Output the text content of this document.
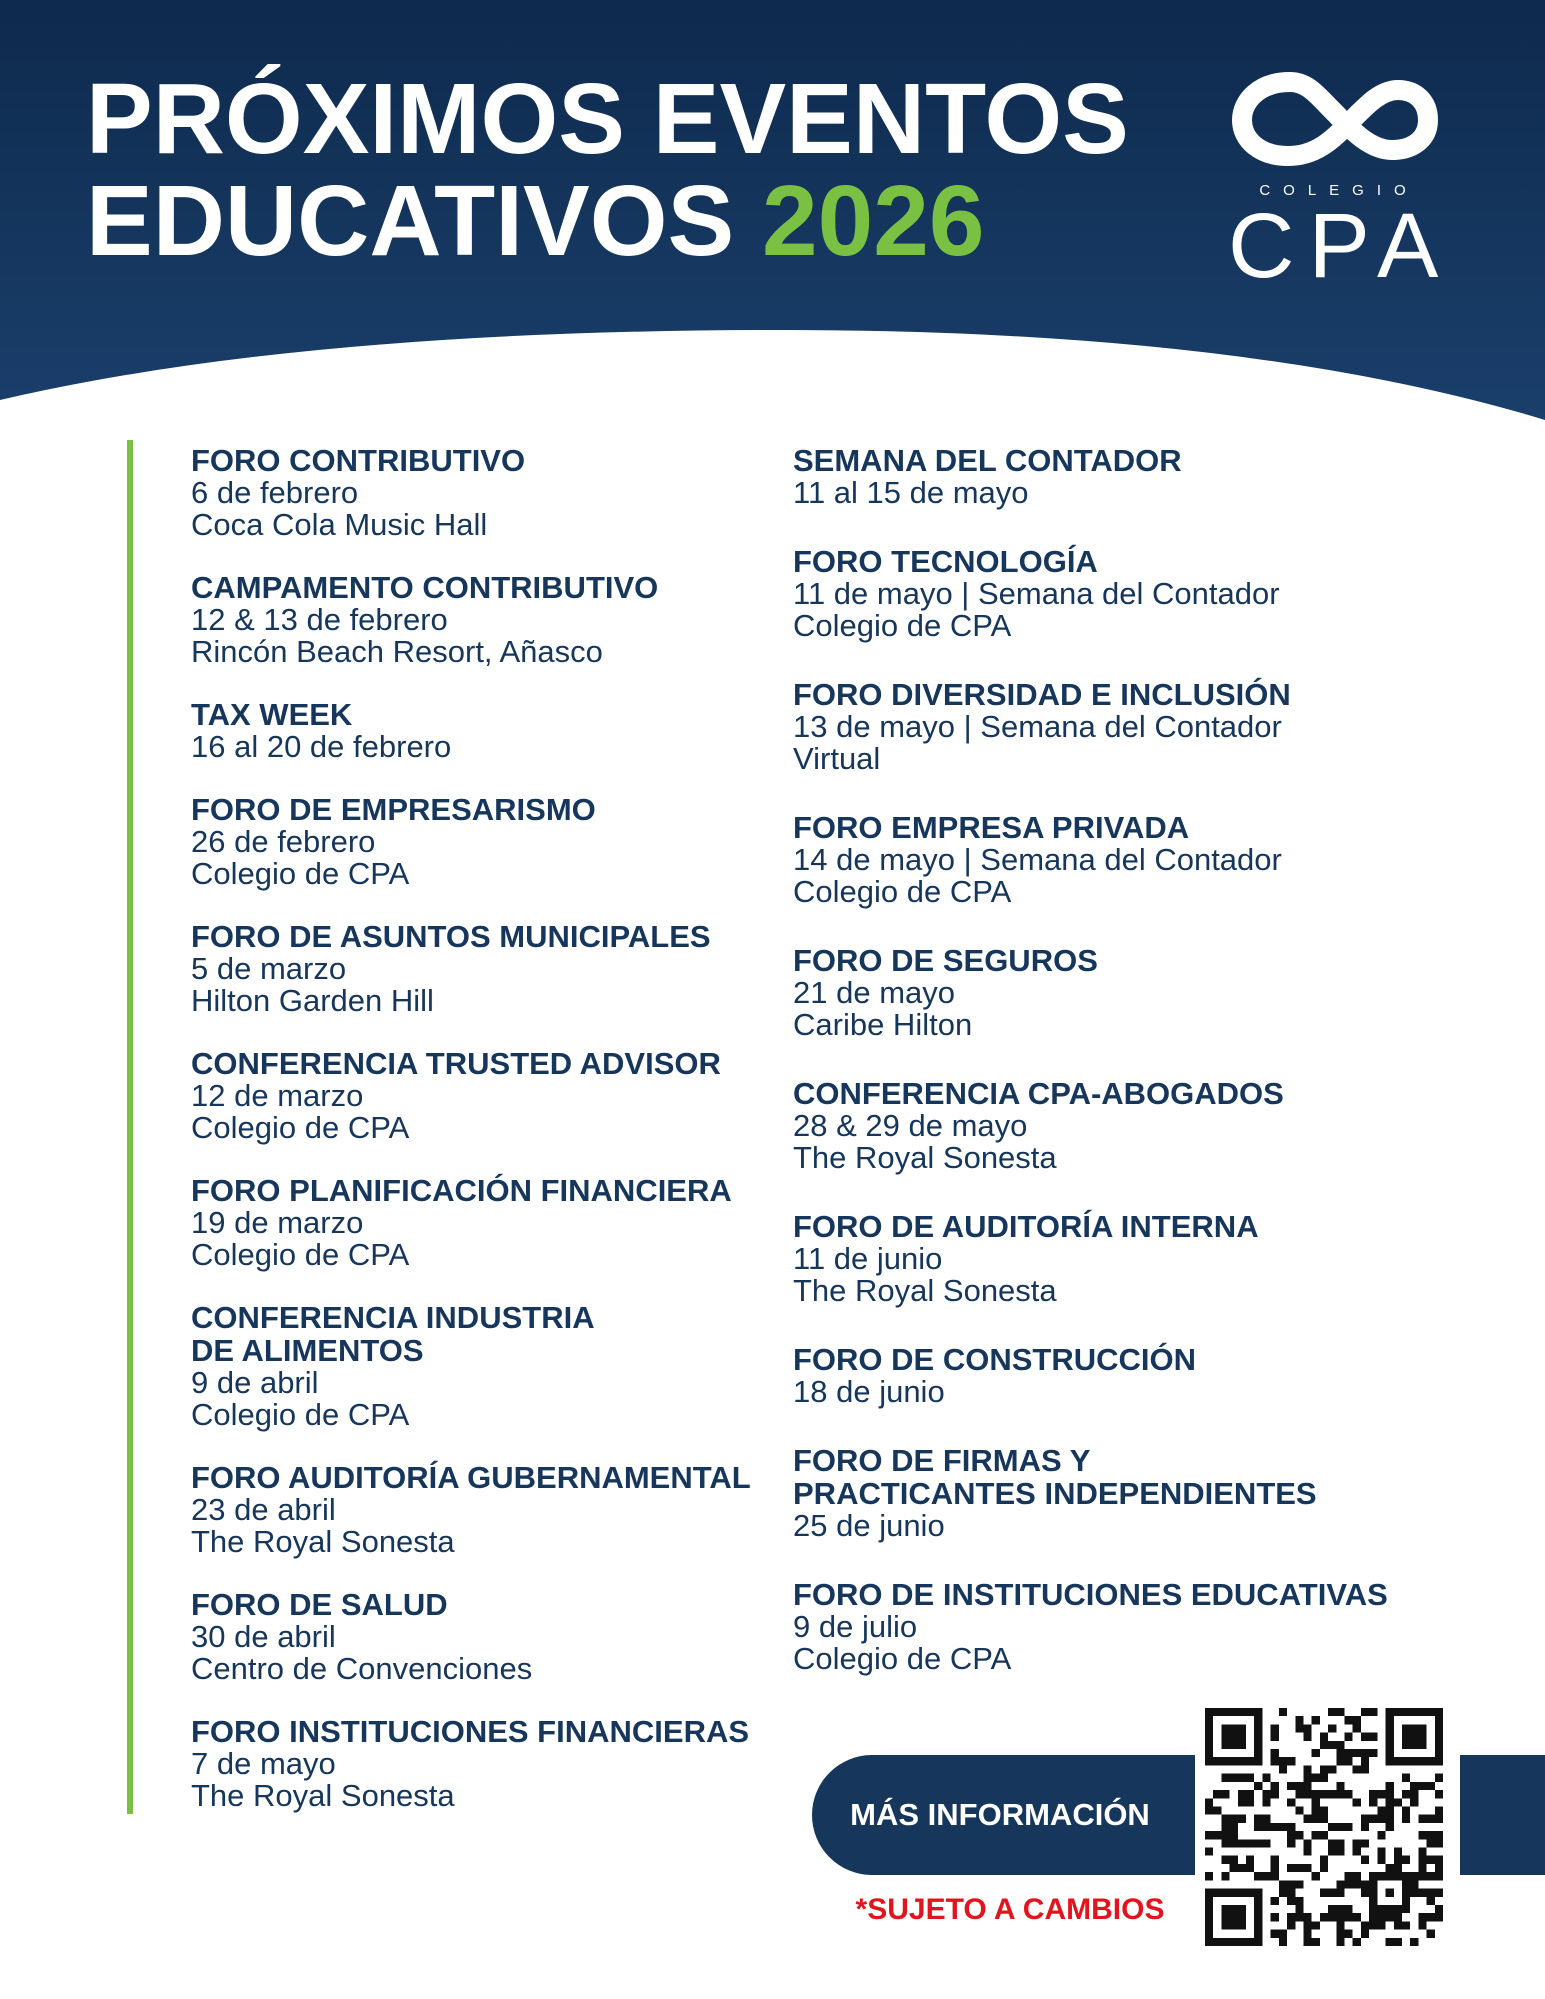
PRÓXIMOS EVENTOS
EDUCATIVOS 2026	COLEGIO
CPA
FORO CONTRIBUTIVO
6 de febrero
Coca Cola Music Hall
CAMPAMENTO CONTRIBUTIVO
12 & 13 de febrero
Rincón Beach Resort, Añasco
TAX WEEK
16 al 20 de febrero
FORO DE EMPRESARISMO
26 de febrero
Colegio de CPA
FORO DE ASUNTOS MUNICIPALES
5 de marzo
Hilton Garden Hill
CONFERENCIA TRUSTED ADVISOR
12 de marzo
Colegio de CPA
FORO PLANIFICACIÓN FINANCIERA
19 de marzo
Colegio de CPA
CONFERENCIA INDUSTRIA
DE ALIMENTOS
9 de abril
Colegio de CPA
FORO AUDITORÍA GUBERNAMENTAL
23 de abril
The Royal Sonesta
FORO DE SALUD
30 de abril
Centro de Convenciones
FORO INSTITUCIONES FINANCIERAS
7 de mayo
The Royal Sonesta
SEMANA DEL CONTADOR
11 al 15 de mayo
FORO TECNOLOGÍA
11 de mayo | Semana del Contador
Colegio de CPA
FORO DIVERSIDAD E INCLUSIÓN
13 de mayo | Semana del Contador
Virtual
FORO EMPRESA PRIVADA
14 de mayo | Semana del Contador
Colegio de CPA
FORO DE SEGUROS
21 de mayo
Caribe Hilton
CONFERENCIA CPA-ABOGADOS
28 & 29 de mayo
The Royal Sonesta
FORO DE AUDITORÍA INTERNA
11 de junio
The Royal Sonesta
FORO DE CONSTRUCCIÓN
18 de junio
FORO DE FIRMAS Y
PRACTICANTES INDEPENDIENTES
25 de junio
FORO DE INSTITUCIONES EDUCATIVAS
9 de julio
Colegio de CPA
MÁS INFORMACIÓN
*SUJETO A CAMBIOS
